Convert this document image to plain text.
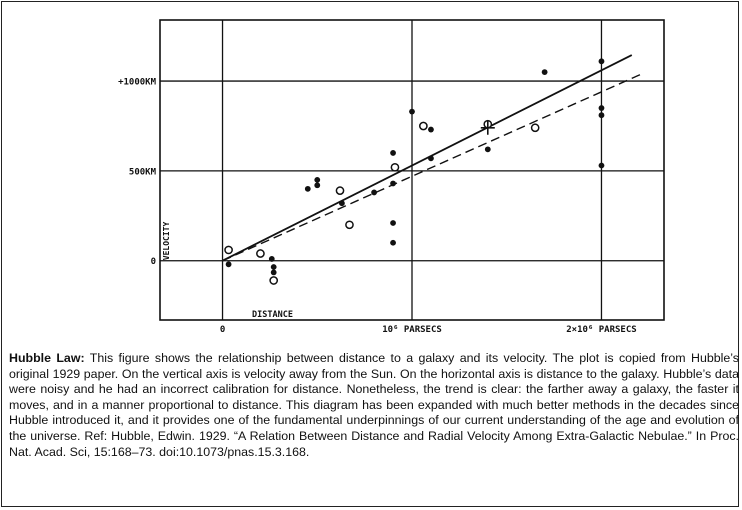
0
500KM
+1000KM
0	10⁶ PARSECS	2×10⁶ PARSECS
DISTANCE
VELOCITY
Hubble Law: This figure shows the relationship between distance to a galaxy and its velocity. The plot is copied from Hubble’s original 1929 paper. On the vertical axis is velocity away from the Sun. On the horizontal axis is distance to the galaxy. Hubble’s data were noisy and he had an incorrect calibration for distance. Nonetheless, the trend is clear: the farther away a galaxy, the faster it moves, and in a manner proportional to distance. This diagram has been expanded with much better methods in the decades since Hubble introduced it, and it provides one of the fundamental underpinnings of our current understanding of the age and evolution of the universe. Ref: Hubble, Edwin. 1929. “A Relation Between Distance and Radial Velocity Among Extra-Galactic Nebulae.” In Proc. Nat. Acad. Sci, 15:168–73. doi:10.1073/pnas.15.3.168.
